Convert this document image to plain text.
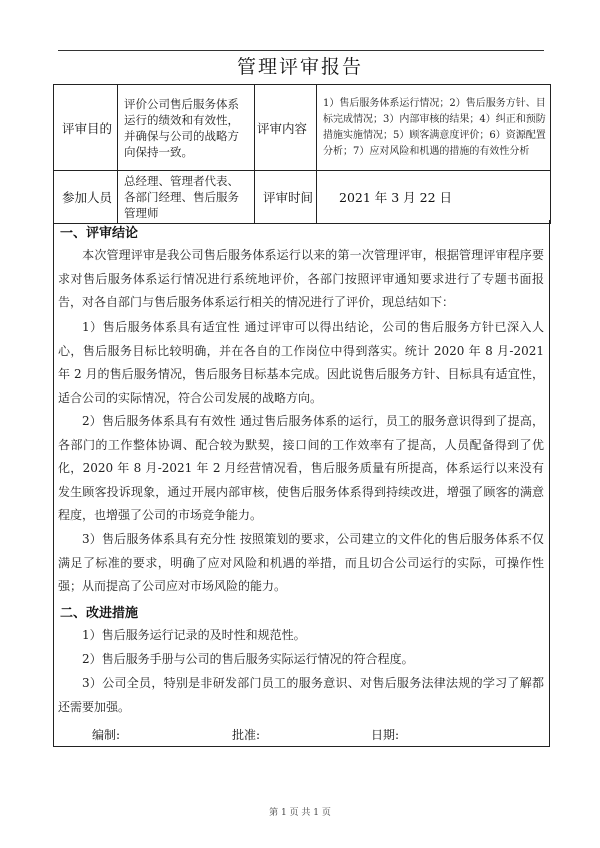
管理评审报告
评审目的	评价公司售后服务体系运行的绩效和有效性，并确保与公司的战略方向保持一致。	评审内容	1）售后服务体系运行情况；2）售后服务方针、目标完成情况；3）内部审核的结果；4）纠正和预防措施实施情况；5）顾客满意度评价；6）资源配置分析；7）应对风险和机遇的措施的有效性分析
参加人员	总经理、管理者代表、各部门经理、售后服务管理师	评审时间	2021 年 3 月 22 日
一、评审结论
本次管理评审是我公司售后服务体系运行以来的第一次管理评审，根据管理评审程序要求对售后服务体系运行情况进行系统地评价，各部门按照评审通知要求进行了专题书面报告，对各自部门与售后服务体系运行相关的情况进行了评价，现总结如下：
1）售后服务体系具有适宜性 通过评审可以得出结论，公司的售后服务方针已深入人心，售后服务目标比较明确，并在各自的工作岗位中得到落实。统计 2020 年 8 月-2021 年 2 月的售后服务情况，售后服务目标基本完成。因此说售后服务方针、目标具有适宜性，适合公司的实际情况，符合公司发展的战略方向。
2）售后服务体系具有有效性 通过售后服务体系的运行，员工的服务意识得到了提高，各部门的工作整体协调、配合较为默契，接口间的工作效率有了提高，人员配备得到了优化，2020 年 8 月-2021 年 2 月经营情况看，售后服务质量有所提高，体系运行以来没有发生顾客投诉现象，通过开展内部审核，使售后服务体系得到持续改进，增强了顾客的满意程度，也增强了公司的市场竞争能力。
3）售后服务体系具有充分性 按照策划的要求，公司建立的文件化的售后服务体系不仅满足了标准的要求，明确了应对风险和机遇的举措，而且切合公司运行的实际，可操作性强；从而提高了公司应对市场风险的能力。
二、改进措施
1）售后服务运行记录的及时性和规范性。
2）售后服务手册与公司的售后服务实际运行情况的符合程度。
3）公司全员，特别是非研发部门员工的服务意识、对售后服务法律法规的学习了解都还需要加强。
编制:	批准:	日期:
第 1 页 共 1 页
